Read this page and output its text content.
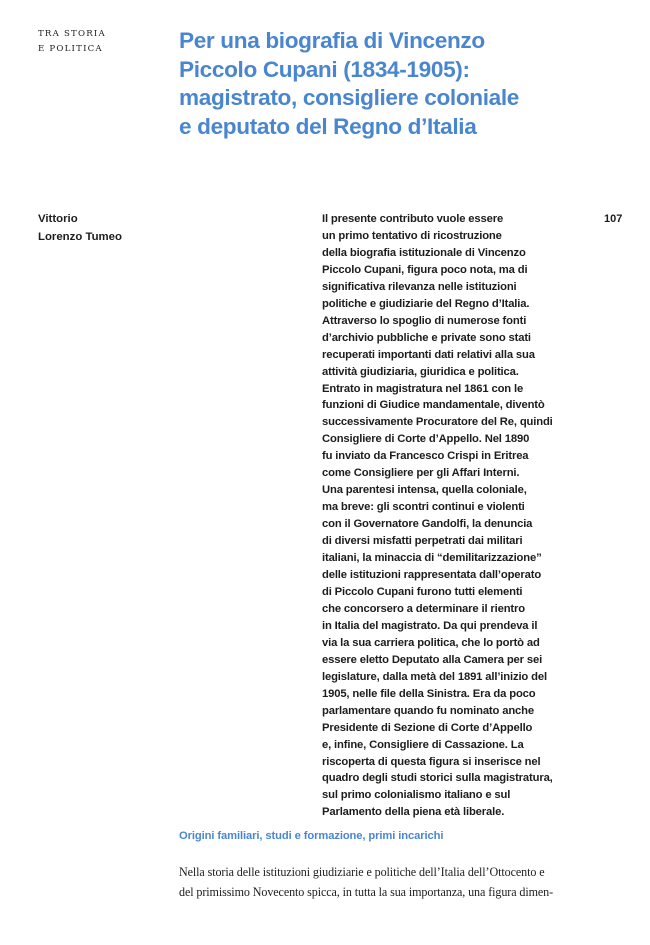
TRA STORIA
E POLITICA	Per una biografia di Vincenzo
Piccolo Cupani (1834-1905):
magistrato, consigliere coloniale
e deputato del Regno d’Italia
Vittorio
Lorenzo Tumeo
107
Il presente contributo vuole essere
un primo tentativo di ricostruzione
della biografia istituzionale di Vincenzo
Piccolo Cupani, figura poco nota, ma di
significativa rilevanza nelle istituzioni
politiche e giudiziarie del Regno d’Italia.
Attraverso lo spoglio di numerose fonti
d’archivio pubbliche e private sono stati
recuperati importanti dati relativi alla sua
attività giudiziaria, giuridica e politica.
Entrato in magistratura nel 1861 con le
funzioni di Giudice mandamentale, diventò
successivamente Procuratore del Re, quindi
Consigliere di Corte d’Appello. Nel 1890
fu inviato da Francesco Crispi in Eritrea
come Consigliere per gli Affari Interni.
Una parentesi intensa, quella coloniale,
ma breve: gli scontri continui e violenti
con il Governatore Gandolfi, la denuncia
di diversi misfatti perpetrati dai militari
italiani, la minaccia di “demilitarizzazione”
delle istituzioni rappresentata dall’operato
di Piccolo Cupani furono tutti elementi
che concorsero a determinare il rientro
in Italia del magistrato. Da qui prendeva il
via la sua carriera politica, che lo portò ad
essere eletto Deputato alla Camera per sei
legislature, dalla metà del 1891 all’inizio del
1905, nelle file della Sinistra. Era da poco
parlamentare quando fu nominato anche
Presidente di Sezione di Corte d’Appello
e, infine, Consigliere di Cassazione. La
riscoperta di questa figura si inserisce nel
quadro degli studi storici sulla magistratura,
sul primo colonialismo italiano e sul
Parlamento della piena età liberale.
Origini familiari, studi e formazione, primi incarichi
Nella storia delle istituzioni giudiziarie e politiche dell’Italia dell’Ottocento e
del primissimo Novecento spicca, in tutta la sua importanza, una figura dimen-
